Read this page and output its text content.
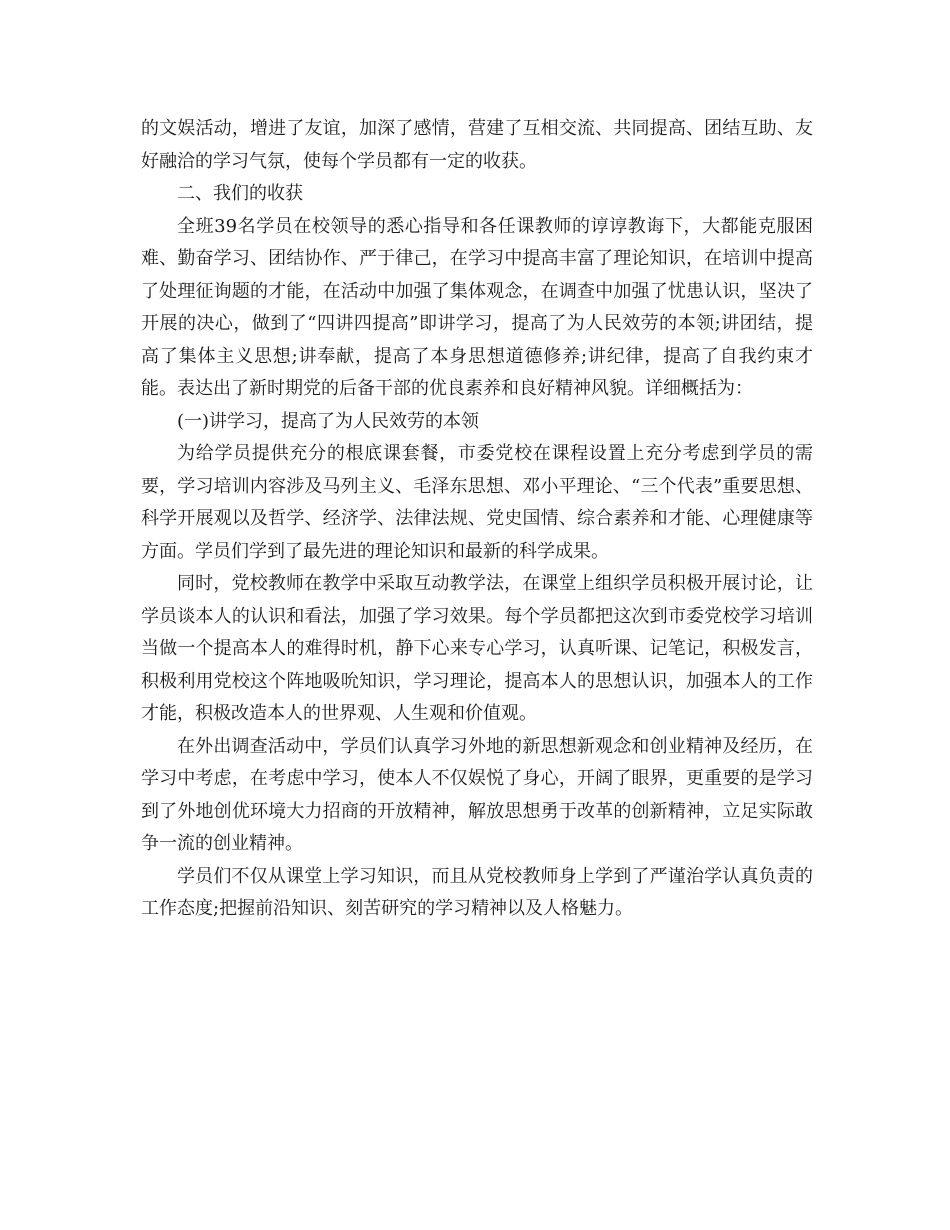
的文娱活动，增进了友谊，加深了感情，营建了互相交流、共同提高、团结互助、友好融洽的学习气氛，使每个学员都有一定的收获。

二、我们的收获

全班39名学员在校领导的悉心指导和各任课教师的谆谆教诲下，大都能克服困难、勤奋学习、团结协作、严于律己，在学习中提高丰富了理论知识，在培训中提高了处理征询题的才能，在活动中加强了集体观念，在调查中加强了忧患认识，坚决了开展的决心，做到了“四讲四提高”即讲学习，提高了为人民效劳的本领;讲团结，提高了集体主义思想;讲奉献，提高了本身思想道德修养;讲纪律，提高了自我约束才能。表达出了新时期党的后备干部的优良素养和良好精神风貌。详细概括为：

(一)讲学习，提高了为人民效劳的本领

为给学员提供充分的根底课套餐，市委党校在课程设置上充分考虑到学员的需要，学习培训内容涉及马列主义、毛泽东思想、邓小平理论、“三个代表”重要思想、科学开展观以及哲学、经济学、法律法规、党史国情、综合素养和才能、心理健康等方面。学员们学到了最先进的理论知识和最新的科学成果。

同时，党校教师在教学中采取互动教学法，在课堂上组织学员积极开展讨论，让学员谈本人的认识和看法，加强了学习效果。每个学员都把这次到市委党校学习培训当做一个提高本人的难得时机，静下心来专心学习，认真听课、记笔记，积极发言，积极利用党校这个阵地吸吮知识，学习理论，提高本人的思想认识，加强本人的工作才能，积极改造本人的世界观、人生观和价值观。

在外出调查活动中，学员们认真学习外地的新思想新观念和创业精神及经历，在学习中考虑，在考虑中学习，使本人不仅娱悦了身心，开阔了眼界，更重要的是学习到了外地创优环境大力招商的开放精神，解放思想勇于改革的创新精神，立足实际敢争一流的创业精神。

学员们不仅从课堂上学习知识，而且从党校教师身上学到了严谨治学认真负责的工作态度;把握前沿知识、刻苦研究的学习精神以及人格魅力。
